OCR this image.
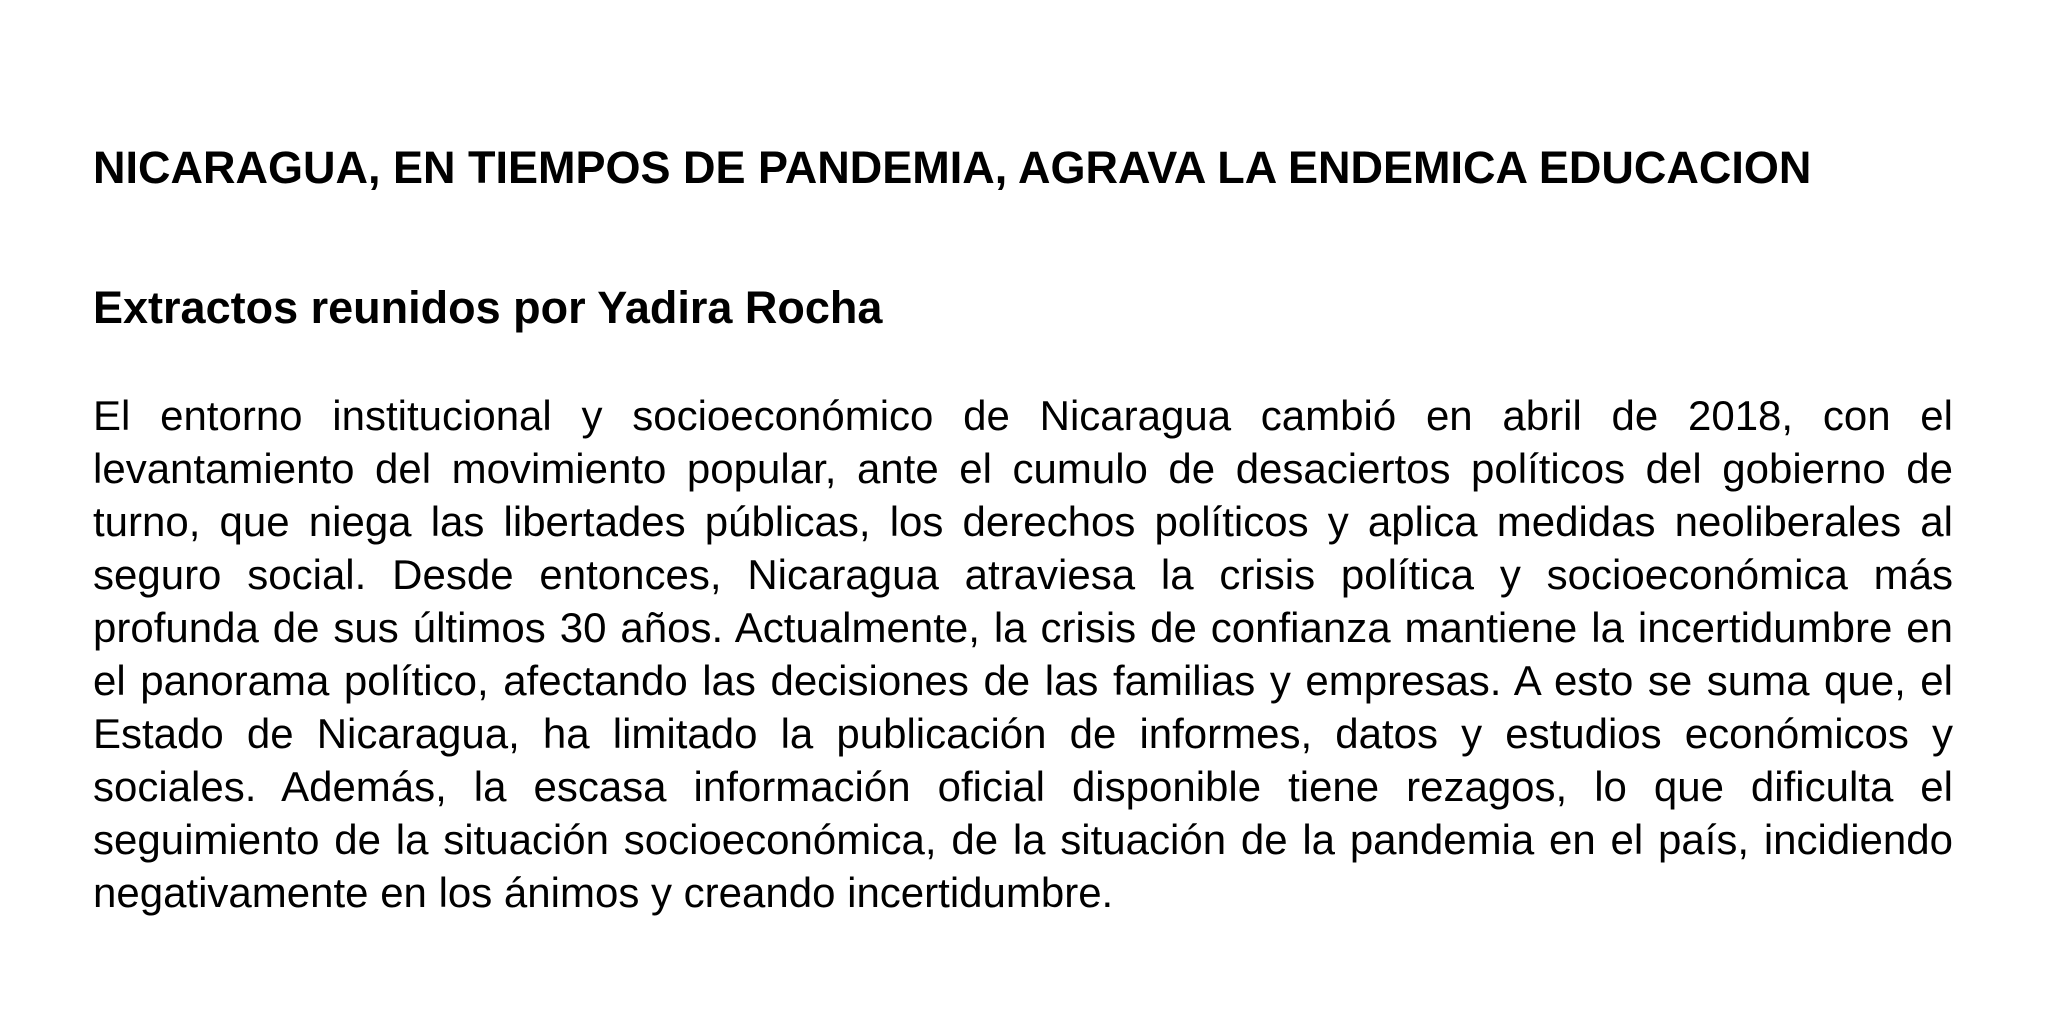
NICARAGUA, EN TIEMPOS DE PANDEMIA, AGRAVA LA ENDEMICA EDUCACION
Extractos reunidos por Yadira Rocha

El entorno institucional y socioeconómico de Nicaragua cambió en abril de 2018, con el levantamiento del movimiento popular, ante el cumulo de desaciertos políticos del gobierno de turno, que niega las libertades públicas, los derechos políticos y aplica medidas neoliberales al seguro social. Desde entonces, Nicaragua atraviesa la crisis política y socioeconómica más profunda de sus últimos 30 años. Actualmente, la crisis de confianza mantiene la incertidumbre en el panorama político, afectando las decisiones de las familias y empresas. A esto se suma que, el Estado de Nicaragua, ha limitado la publicación de informes, datos y estudios económicos y sociales. Además, la escasa información oficial disponible tiene rezagos, lo que dificulta el seguimiento de la situación socioeconómica, de la situación de la pandemia en el país, incidiendo negativamente en los ánimos y creando incertidumbre.
